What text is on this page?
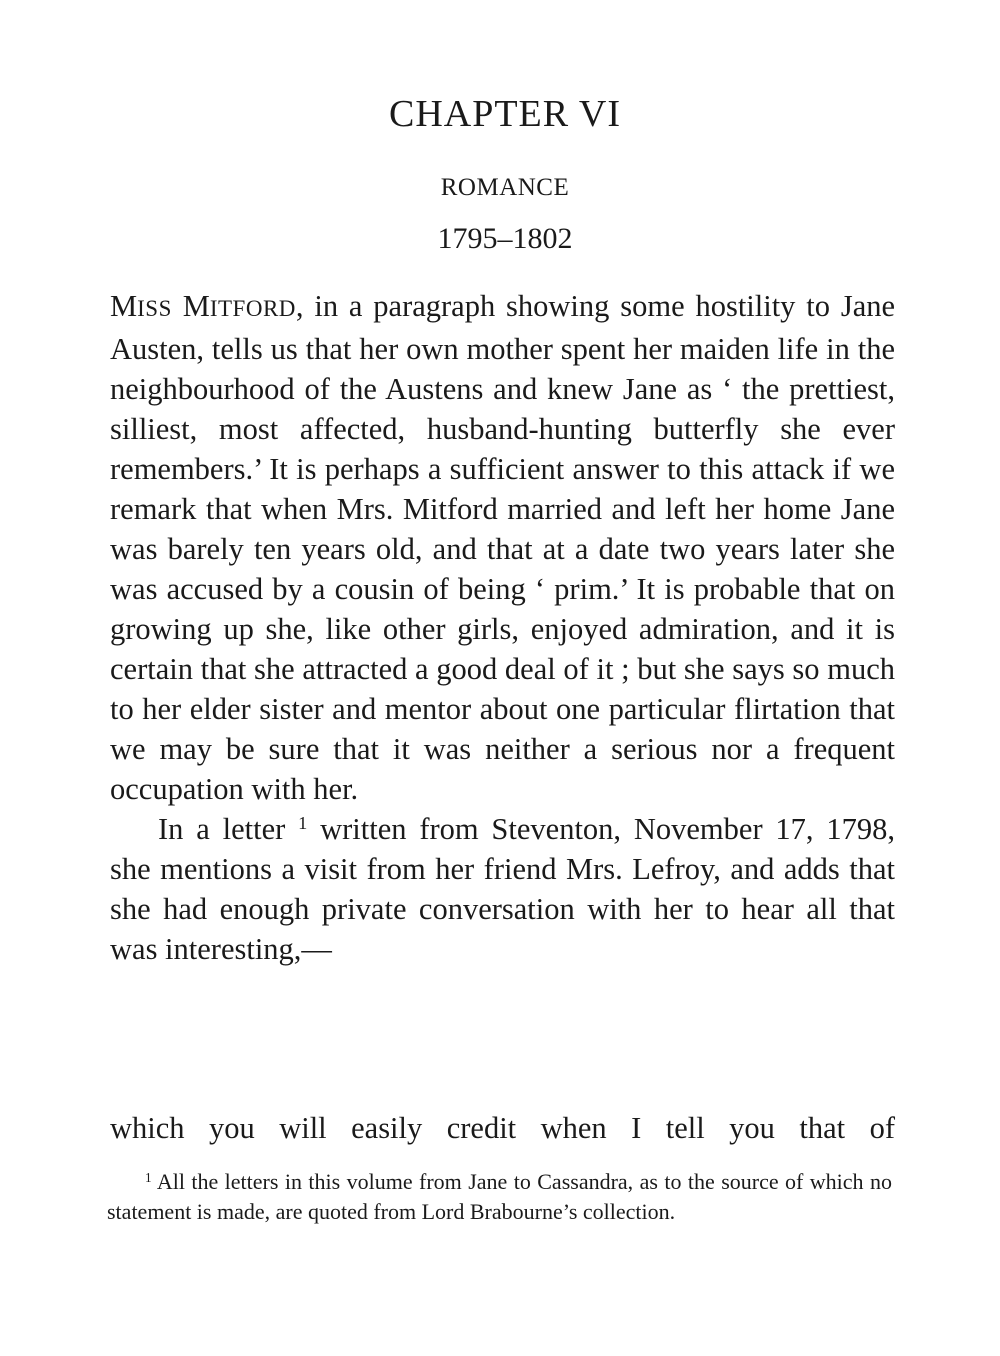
CHAPTER VI
ROMANCE
1795–1802

MISS MITFORD, in a paragraph showing some hostility to Jane Austen, tells us that her own mother spent her maiden life in the neighbourhood of the Austens and knew Jane as ‘ the prettiest, silliest, most affected, husband-hunting butterfly she ever remembers.’ It is perhaps a sufficient answer to this attack if we remark that when Mrs. Mitford married and left her home Jane was barely ten years old, and that at a date two years later she was accused by a cousin of being ‘ prim.’ It is probable that on growing up she, like other girls, enjoyed admiration, and it is certain that she attracted a good deal of it ; but she says so much to her elder sister and mentor about one particular flirtation that we may be sure that it was neither a serious nor a frequent occupation with her.

In a letter $^1$ written from Steventon, November 17, 1798, she mentions a visit from her friend Mrs. Lefroy, and adds that she had enough private conversation with her to hear all that was interesting,—

which you will easily credit when I tell you that of

$^1$ All the letters in this volume from Jane to Cassandra, as to the source of which no statement is made, are quoted from Lord Brabourne’s collection.
